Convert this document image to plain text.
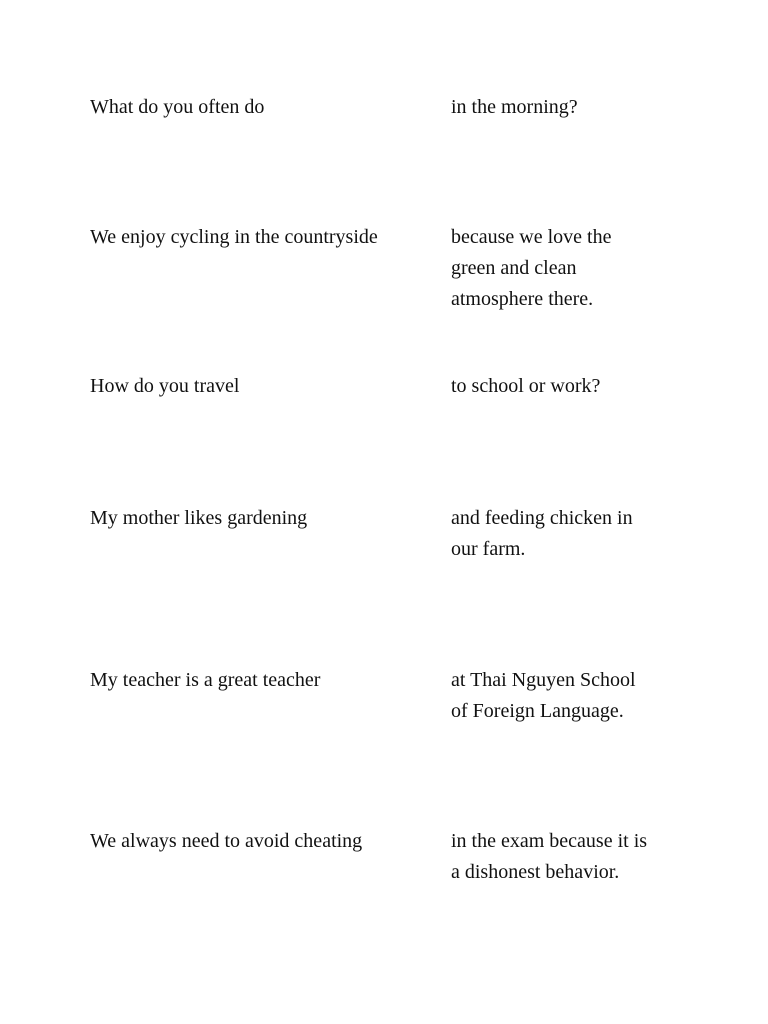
What do you often do	in the morning?
We enjoy cycling in the countryside	because we love the
green and clean
atmosphere there.
How do you travel	to school or work?
My mother likes gardening	and feeding chicken in
our farm.
My teacher is a great teacher	at Thai Nguyen School
of Foreign Language.
We always need to avoid cheating	in the exam because it is
a dishonest behavior.
